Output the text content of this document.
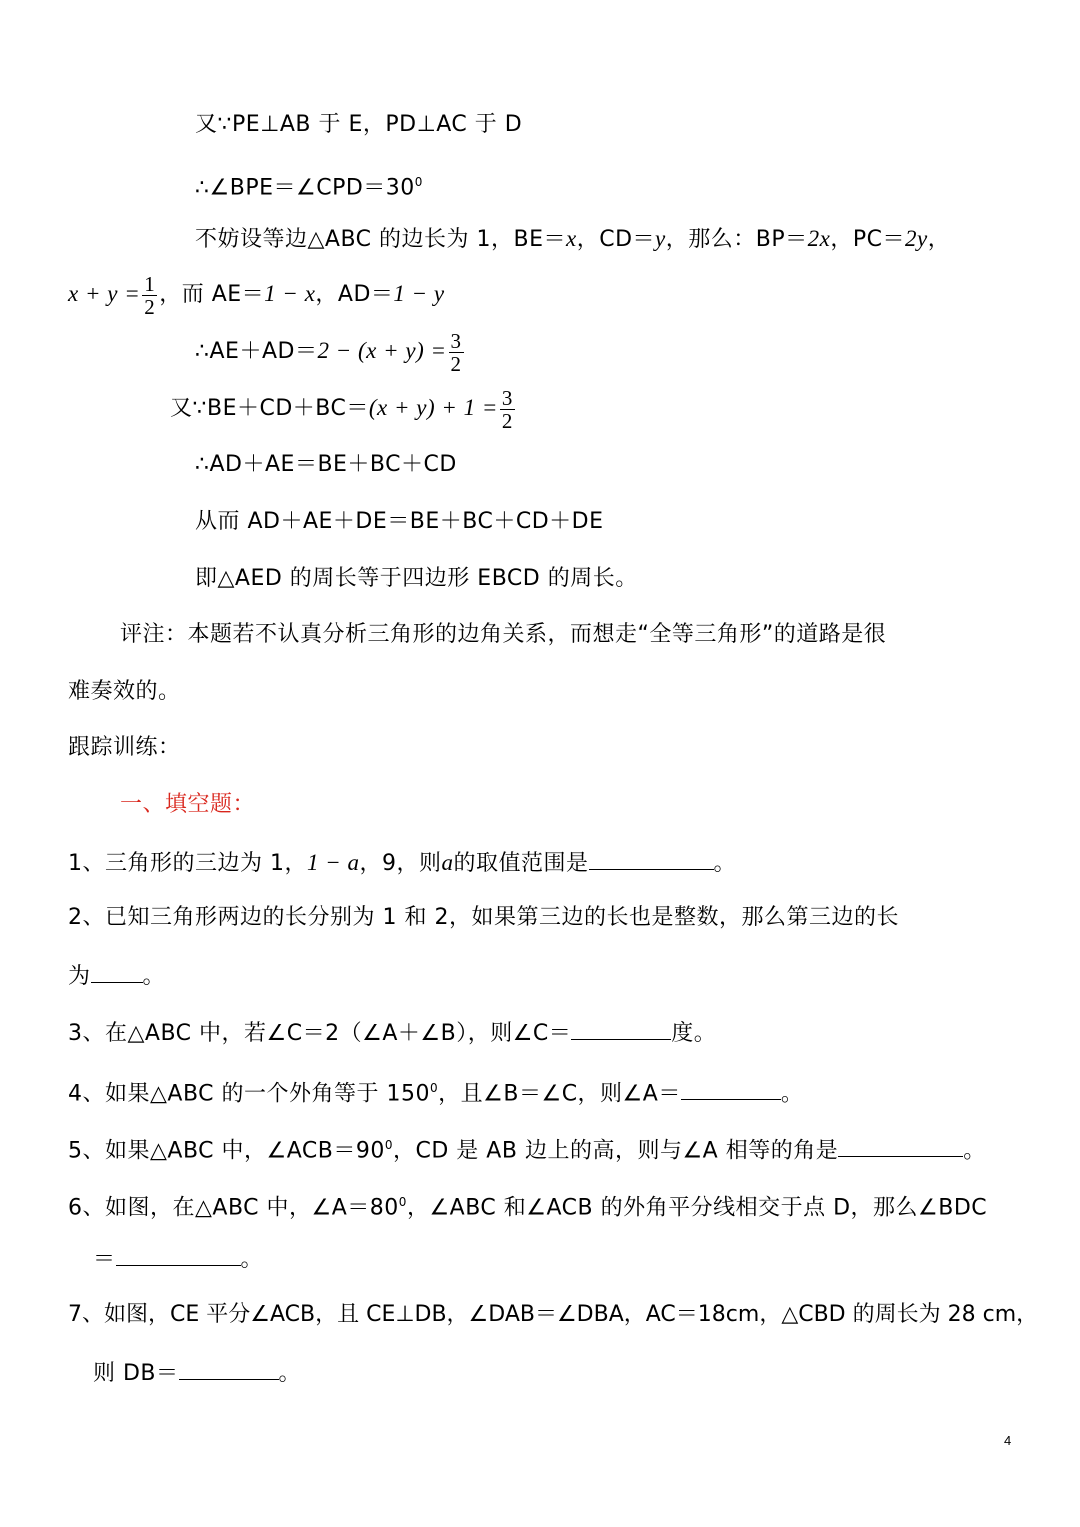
又∵PE⊥AB 于 E，PD⊥AC 于 D
$\therefore\angle BPE=\angle CPD=30^0$
不妨设等边△ABC 的边长为 1，BE＝x，CD＝y，那么：BP＝2x，PC＝2y，
$x + y = \frac{1}{2}$ ，而 AE＝1 − x，AD＝1 − y
∴AE＋AD＝2 − $(x + y) = \frac{3}{2}$
又∵BE＋CD＋BC＝(x + $y) + 1 = \frac{3}{2}$
∴AD＋AE＝BE＋BC＋CD
从而 AD＋AE＋DE＝BE＋BC＋CD＋DE
即△AED 的周长等于四边形 EBCD 的周长。
评注：本题若不认真分析三角形的边角关系，而想走“全等三角形”的道路是很
难奏效的。
跟踪训练：
一、填空题：
1、三角形的三边为 1，1 − a，9，则a的取值范围是	。
2、已知三角形两边的长分别为 1 和 2，如果第三边的长也是整数，那么第三边的长
为 。
3、在△ABC 中，若∠C＝2（∠A＋∠B），则∠C＝	度。
4、如果△ABC 的一个外角等于 $150^0$，且∠B＝∠C，则∠A＝	。
5、如果△ABC 中，$\angle ACB=90^0$，CD 是 AB 边上的高，则与∠A 相等的角是	。
6、如图，在△ABC 中，$\angle A=80^0$，∠ABC 和∠ACB 的外角平分线相交于点 D，那么∠BDC
＝	。
7、如图，CE 平分∠ACB，且 CE⊥DB，∠DAB＝∠DBA，AC＝18cm，△CBD 的周长为 28 cm，
则 DB＝	。
4
